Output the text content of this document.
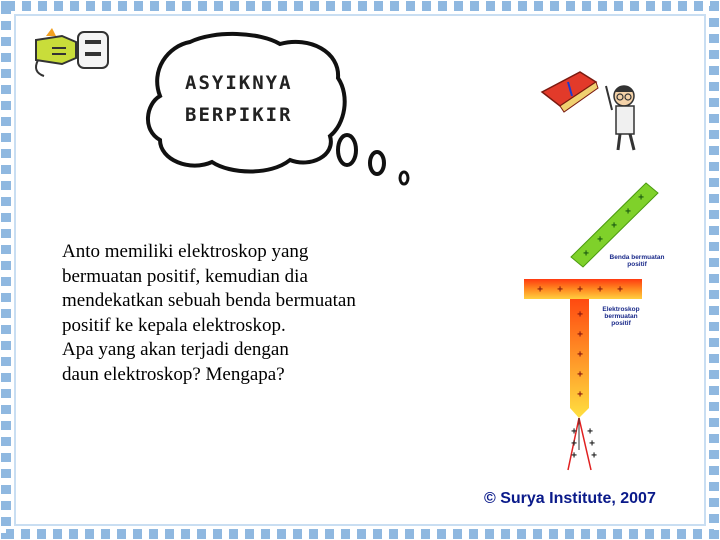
ASYIKNYA
BERPIKIR
Anto memiliki elektroskop yang
bermuatan positif, kemudian dia
mendekatkan sebuah benda bermuatan
positif ke kepala elektroskop.
Apa yang akan terjadi dengan
daun elektroskop? Mengapa?
+
+
+
+
+
+ + + + +
+
+
+
+
+
+
+
+
+
+
+
Benda bermuatan
positif
Elektroskop
bermuatan
positif
© Surya Institute, 2007
